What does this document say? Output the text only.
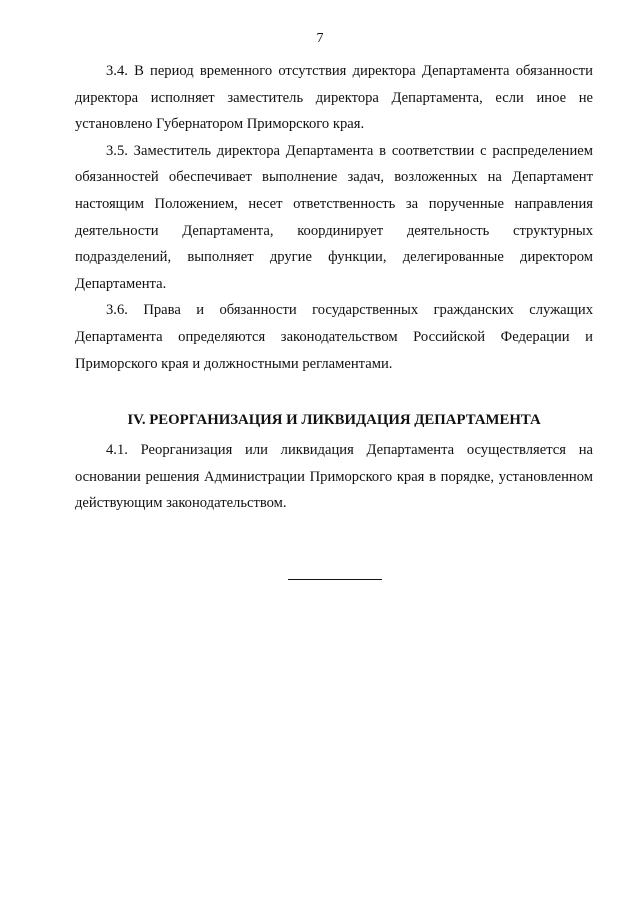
7

3.4. В период временного отсутствия директора Департамента обязанности директора исполняет заместитель директора Департамента, если иное не установлено Губернатором Приморского края.

3.5. Заместитель директора Департамента в соответствии с распределением обязанностей обеспечивает выполнение задач, возложенных на Департамент настоящим Положением, несет ответственность за порученные направления деятельности Департамента, координирует деятельность структурных подразделений, выполняет другие функции, делегированные директором Департамента.

3.6. Права и обязанности государственных гражданских служащих Департамента определяются законодательством Российской Федерации и Приморского края и должностными регламентами.

IV. РЕОРГАНИЗАЦИЯ И ЛИКВИДАЦИЯ ДЕПАРТАМЕНТА

4.1. Реорганизация или ликвидация Департамента осуществляется на основании решения Администрации Приморского края в порядке, установленном действующим законодательством.
